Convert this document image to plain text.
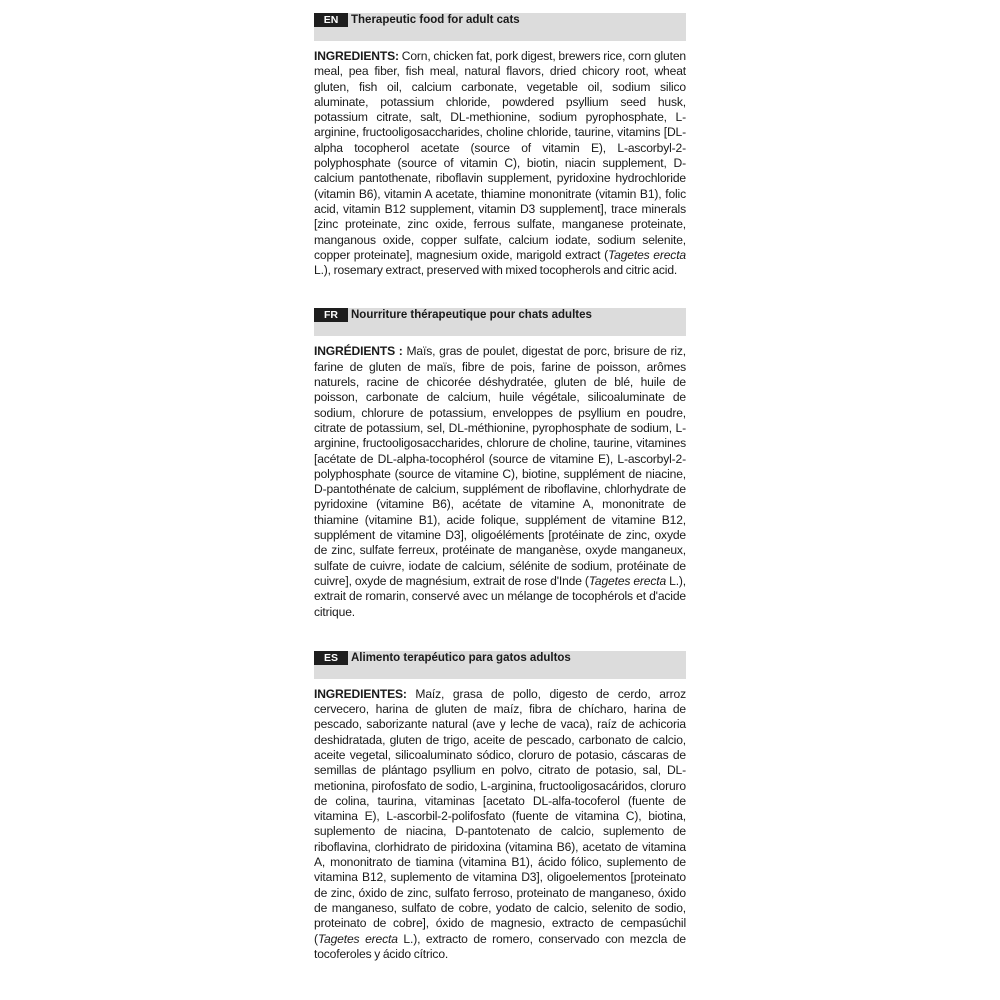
EN	Therapeutic food for adult cats

INGREDIENTS: Corn, chicken fat, pork digest, brewers rice, corn gluten meal, pea fiber, fish meal, natural flavors, dried chicory root, wheat gluten, fish oil, calcium carbonate, vegetable oil, sodium silico aluminate, potassium chloride, powdered psyllium seed husk, potassium citrate, salt, DL-methionine, sodium pyrophosphate, L-arginine, fructooligosaccharides, choline chloride, taurine, vitamins [DL-alpha tocopherol acetate (source of vitamin E), L-ascorbyl-2-polyphosphate (source of vitamin C), biotin, niacin supplement, D-calcium pantothenate, riboflavin supplement, pyridoxine hydrochloride (vitamin B6), vitamin A acetate, thiamine mononitrate (vitamin B1), folic acid, vitamin B12 supplement, vitamin D3 supplement], trace minerals [zinc proteinate, zinc oxide, ferrous sulfate, manganese proteinate, manganous oxide, copper sulfate, calcium iodate, sodium selenite, copper proteinate], magnesium oxide, marigold extract (Tagetes erecta L.), rosemary extract, preserved with mixed tocopherols and citric acid.

FR	Nourriture thérapeutique pour chats adultes

INGRÉDIENTS : Maïs, gras de poulet, digestat de porc, brisure de riz, farine de gluten de maïs, fibre de pois, farine de poisson, arômes naturels, racine de chicorée déshydratée, gluten de blé, huile de poisson, carbonate de calcium, huile végétale, silicoaluminate de sodium, chlorure de potassium, enveloppes de psyllium en poudre, citrate de potassium, sel, DL-méthionine, pyrophosphate de sodium, L-arginine, fructooligosaccharides, chlorure de choline, taurine, vitamines [acétate de DL-alpha-tocophérol (source de vitamine E), L-ascorbyl-2-polyphosphate (source de vitamine C), biotine, supplément de niacine, D-pantothénate de calcium, supplément de riboflavine, chlorhydrate de pyridoxine (vitamine B6), acétate de vitamine A, mononitrate de thiamine (vitamine B1), acide folique, supplément de vitamine B12, supplément de vitamine D3], oligoéléments [protéinate de zinc, oxyde de zinc, sulfate ferreux, protéinate de manganèse, oxyde manganeux, sulfate de cuivre, iodate de calcium, sélénite de sodium, protéinate de cuivre], oxyde de magnésium, extrait de rose d'Inde (Tagetes erecta L.), extrait de romarin, conservé avec un mélange de tocophérols et d'acide citrique.

ES	Alimento terapéutico para gatos adultos

INGREDIENTES: Maíz, grasa de pollo, digesto de cerdo, arroz cervecero, harina de gluten de maíz, fibra de chícharo, harina de pescado, saborizante natural (ave y leche de vaca), raíz de achicoria deshidratada, gluten de trigo, aceite de pescado, carbonato de calcio, aceite vegetal, silicoaluminato sódico, cloruro de potasio, cáscaras de semillas de plántago psyllium en polvo, citrato de potasio, sal, DL-metionina, pirofosfato de sodio, L-arginina, fructooligosacáridos, cloruro de colina, taurina, vitaminas [acetato DL-alfa-tocoferol (fuente de vitamina E), L-ascorbil-2-polifosfato (fuente de vitamina C), biotina, suplemento de niacina, D-pantotenato de calcio, suplemento de riboflavina, clorhidrato de piridoxina (vitamina B6), acetato de vitamina A, mononitrato de tiamina (vitamina B1), ácido fólico, suplemento de vitamina B12, suplemento de vitamina D3], oligoelementos [proteinato de zinc, óxido de zinc, sulfato ferroso, proteinato de manganeso, óxido de manganeso, sulfato de cobre, yodato de calcio, selenito de sodio, proteinato de cobre], óxido de magnesio, extracto de cempasúchil (Tagetes erecta L.), extracto de romero, conservado con mezcla de tocoferoles y ácido cítrico.
